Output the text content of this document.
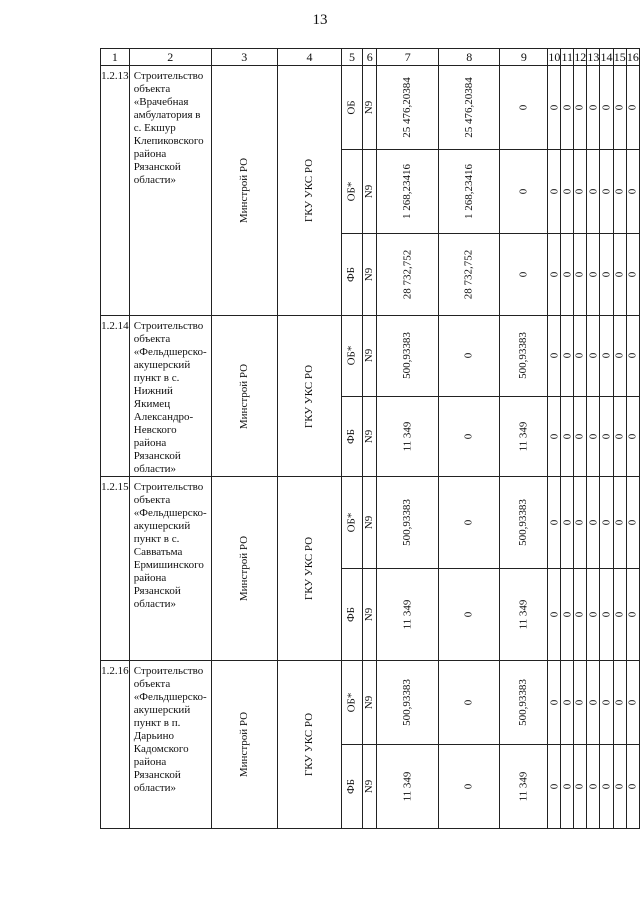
13
1	2	3	4	5	6	7	8	9	10	11	12	13	14	15	16
1.2.13	Строительство объекта «Врачебная амбулатория в с. Екшур Клепиковского района Рязанской области»	Минстрой РО	ГКУ УКС РО	ОБ	N9	25 476,20384	25 476,20384	0	0	0	0	0	0	0	0
				ОБ*	N9	1 268,23416	1 268,23416	0	0	0	0	0	0	0	0
				ФБ	N9	28 732,752	28 732,752	0	0	0	0	0	0	0	0
1.2.14	Строительство объекта «Фельдшерско-акушерский пункт в с. Нижний Якимец Александро-Невского района Рязанской области»	Минстрой РО	ГКУ УКС РО	ОБ*	N9	500,93383	0	500,93383	0	0	0	0	0	0	0
				ФБ	N9	11 349	0	11 349	0	0	0	0	0	0	0
1.2.15	Строительство объекта «Фельдшерско-акушерский пункт в с. Савватьма Ермишинского района Рязанской области»	Минстрой РО	ГКУ УКС РО	ОБ*	N9	500,93383	0	500,93383	0	0	0	0	0	0	0
				ФБ	N9	11 349	0	11 349	0	0	0	0	0	0	0
1.2.16	Строительство объекта «Фельдшерско-акушерский пункт в п. Дарьино Кадомского района Рязанской области»	Минстрой РО	ГКУ УКС РО	ОБ*	N9	500,93383	0	500,93383	0	0	0	0	0	0	0
				ФБ	N9	11 349	0	11 349	0	0	0	0	0	0	0
